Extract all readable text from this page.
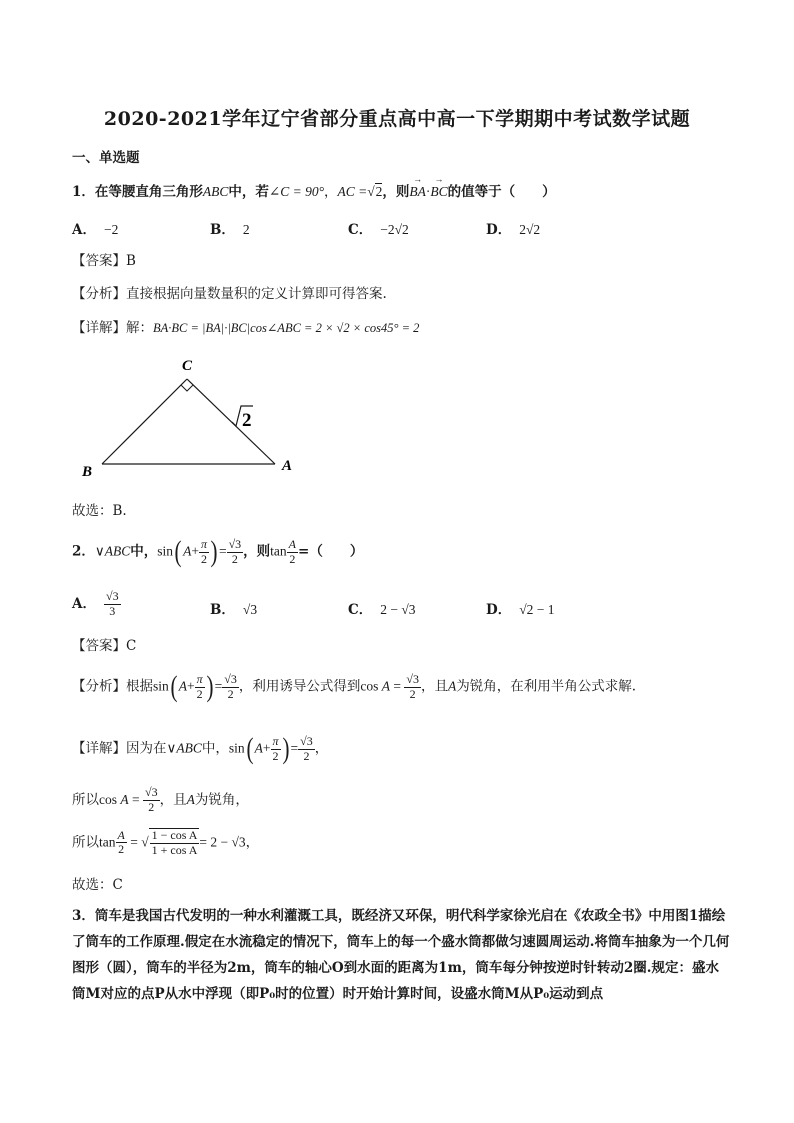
2020-2021学年辽宁省部分重点高中高一下学期期中考试数学试题
一、单选题
1．在等腰直角三角形ABC中，若∠C = 90°，AC =√2，则→ BA·→ BC的值等于（　　）
A． −2	B． 2	C． −2√2	D． 2√2
【答案】B
【分析】直接根据向量数量积的定义计算即可得答案.
【详解】解：BA·BC = |BA|·|BC|cos∠ABC = 2 × √2 × cos45° = 2
C
B	A
2
故选：B.
2．∨ABC中，sin( $A+ \frac{\pi}{2}$ ) = $\frac{√3}{2}$ ，则$\tan \frac{A}{2}$ =（　　）
A． $\frac{√3}{3}$	B． √3	C． 2 − √3	D． √2 − 1
【答案】C
【分析】根据sin( $A+ \frac{\pi}{2}$ ) = $\frac{√3}{2}$ ，利用诱导公式得到$\cos A = \frac{√3}{2}$ ，且A为锐角，在利用半角公式求解.
【详解】因为在∨ABC中，sin( $A+ \frac{\pi}{2}$ ) = $\frac{√3}{2}$ ，
所以$\cos A = \frac{√3}{2}$ ，且A为锐角，
所以$\tan \frac{A}{2}$ = √ $\frac{\text{1 − cos A}}{\text{1 + cos A}} = 2 - √3$，
故选：C
3．筒车是我国古代发明的一种水利灌溉工具，既经济又环保，明代科学家徐光启在《农政全书》中用图1描绘了筒车的工作原理.假定在水流稳定的情况下，筒车上的每一个盛水筒都做匀速圆周运动.将筒车抽象为一个几何图形（圆），筒车的半径为2m，筒车的轴心O到水面的距离为1m，筒车每分钟按逆时针转动2圈.规定：盛水筒M对应的点P从水中浮现（即P₀时的位置）时开始计算时间，设盛水筒M从P₀运动到点
